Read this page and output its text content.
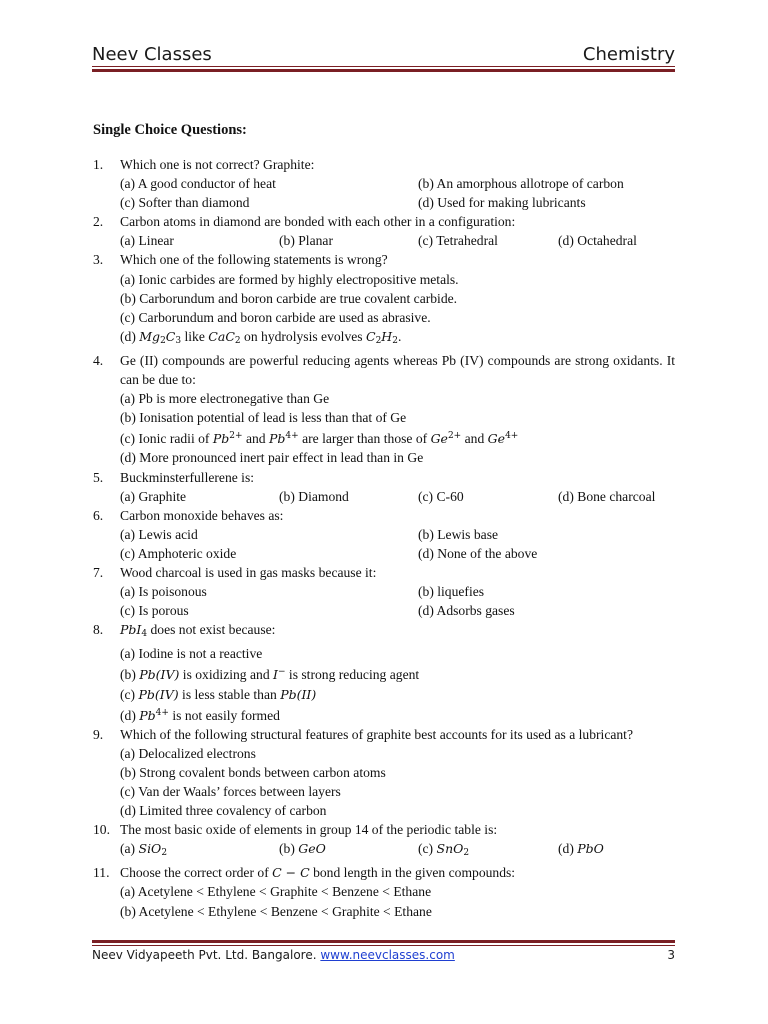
Neev Classes	Chemistry
Single Choice Questions:
1.	Which one is not correct? Graphite:
(a) A good conductor of heat	(b) An amorphous allotrope of carbon
(c) Softer than diamond	(d) Used for making lubricants
2.	Carbon atoms in diamond are bonded with each other in a configuration:
(a) Linear	(b) Planar	(c) Tetrahedral	(d) Octahedral
3.	Which one of the following statements is wrong?
(a) Ionic carbides are formed by highly electropositive metals.
(b) Carborundum and boron carbide are true covalent carbide.
(c) Carborundum and boron carbide are used as abrasive.
(d) $Mg_2C_3$ like CaC$_2$ on hydrolysis evolves $C_2H_2$.
4.	Ge (II) compounds are powerful reducing agents whereas Pb (IV) compounds are strong oxidants. It can be due to:
(a) Pb is more electronegative than Ge
(b) Ionisation potential of lead is less than that of Ge
(c) Ionic radii of $Pb^{2+}$ and $Pb^{4+}$ are larger than those of $Ge^{2+}$ and $Ge^{4+}$
(d) More pronounced inert pair effect in lead than in Ge
5.	Buckminsterfullerene is:
(a) Graphite	(b) Diamond	(c) C-60	(d) Bone charcoal
6.	Carbon monoxide behaves as:
(a) Lewis acid	(b) Lewis base
(c) Amphoteric oxide	(d) None of the above
7.	Wood charcoal is used in gas masks because it:
(a) Is poisonous	(b) liquefies
(c) Is porous	(d) Adsorbs gases
8.	PbI$_4$ does not exist because:
(a) Iodine is not a reactive
(b) Pb(IV) is oxidizing and I− is strong reducing agent
(c) Pb(IV) is less stable than Pb(II)
(d) $Pb^{4+}$ is not easily formed
9.	Which of the following structural features of graphite best accounts for its used as a lubricant?
(a) Delocalized electrons
(b) Strong covalent bonds between carbon atoms
(c) Van der Waals’ forces between layers
(d) Limited three covalency of carbon
10. The most basic oxide of elements in group 14 of the periodic table is:
(a) SiO$_2$	(b) GeO	(c) SnO$_2$	(d) PbO
11. Choose the correct order of C − C bond length in the given compounds:
(a) Acetylene < Ethylene < Graphite < Benzene < Ethane
(b) Acetylene < Ethylene < Benzene < Graphite < Ethane
Neev Vidyapeeth Pvt. Ltd. Bangalore. www.neevclasses.com	3
